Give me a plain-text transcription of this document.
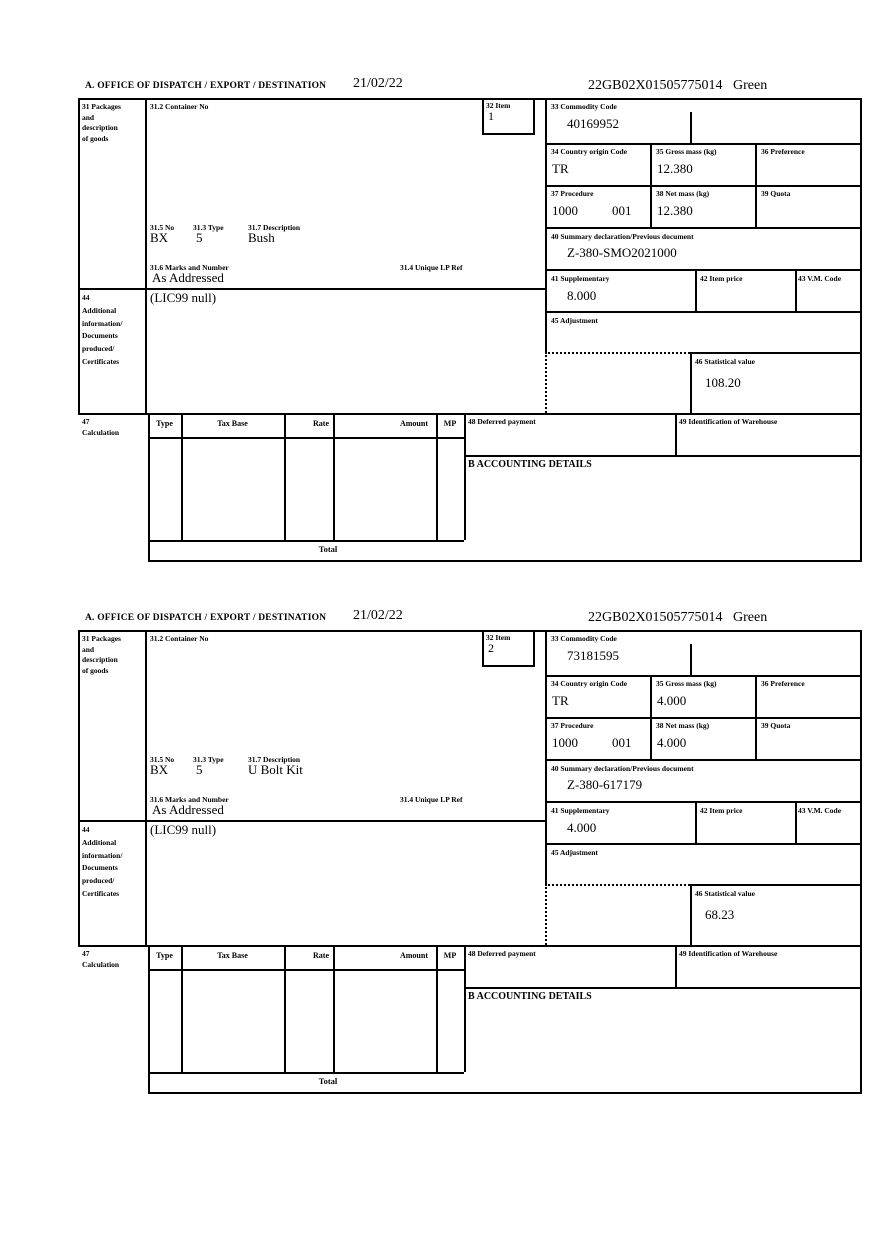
A. OFFICE OF DISPATCH / EXPORT / DESTINATION 21/02/22	22GB02X01505775014 Green
31 Packages
and
description
of goods
31.2 Container No	32 Item
1
33 Commodity Code
40169952
34 Country origin Code
TR
35 Gross mass (kg)
12.380
36 Preference
37 Procedure
1000	001
38 Net mass (kg)
12.380
39 Quota
31.5 No	31.3 Type	31.7 Description
BX 5	Bush
31.6 Marks and Number	31.4 Unique LP Ref
As Addressed
40 Summary declaration/Previous document
Z-380-SMO2021000
41 Supplementary
8.000
42 Item price	43 V.M. Code
44
Additional
information/
Documents
produced/
Certificates
(LIC99 null)
45 Adjustment
46 Statistical value
108.20
47
Calculation
Type	Tax Base	Rate	Amount	MP
Total
48 Deferred payment	49 Identification of Warehouse
B ACCOUNTING DETAILS
A. OFFICE OF DISPATCH / EXPORT / DESTINATION 21/02/22	22GB02X01505775014 Green
31 Packages
and
description
of goods
31.2 Container No	32 Item
2
33 Commodity Code
73181595
34 Country origin Code
TR
35 Gross mass (kg)
4.000
36 Preference
37 Procedure
1000	001
38 Net mass (kg)
4.000
39 Quota
31.5 No	31.3 Type	31.7 Description
BX 5	U Bolt Kit
31.6 Marks and Number	31.4 Unique LP Ref
As Addressed
40 Summary declaration/Previous document
Z-380-617179
41 Supplementary
4.000
42 Item price	43 V.M. Code
44
Additional
information/
Documents
produced/
Certificates
(LIC99 null)
45 Adjustment
46 Statistical value
68.23
47
Calculation
Type	Tax Base	Rate	Amount	MP
Total
48 Deferred payment	49 Identification of Warehouse
B ACCOUNTING DETAILS
